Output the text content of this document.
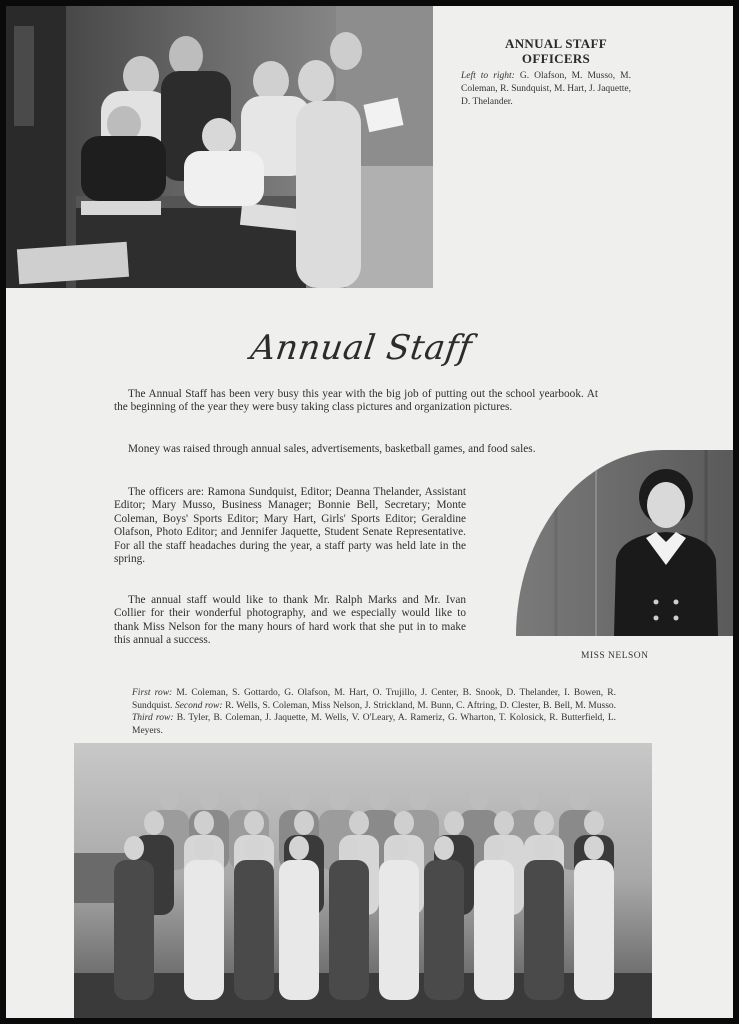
ANNUAL STAFF
OFFICERS
Left to right: G. Olafson, M. Musso, M. Coleman, R. Sundquist, M. Hart, J. Jaquette, D. Thelander.
Annual Staff
The Annual Staff has been very busy this year with the big job of putting out the school yearbook. At the beginning of the year they were busy taking class pictures and organization pictures.
Money was raised through annual sales, advertisements, basketball games, and food sales.
The officers are: Ramona Sundquist, Editor; Deanna Thelander, Assistant Editor; Mary Musso, Business Manager; Bonnie Bell, Secretary; Monte Coleman, Boys' Sports Editor; Mary Hart, Girls' Sports Editor; Geraldine Olafson, Photo Editor; and Jennifer Jaquette, Student Senate Representative. For all the staff headaches during the year, a staff party was held late in the spring.
The annual staff would like to thank Mr. Ralph Marks and Mr. Ivan Collier for their wonderful photography, and we especially would like to thank Miss Nelson for the many hours of hard work that she put in to make this annual a success.
MISS NELSON
First row: M. Coleman, S. Gottardo, G. Olafson, M. Hart, O. Trujillo, J. Center, B. Snook, D. Thelander, I. Bowen, R. Sundquist. Second row: R. Wells, S. Coleman, Miss Nelson, J. Strickland, M. Bunn, C. Aftring, D. Clester, B. Bell, M. Musso. Third row: B. Tyler, B. Coleman, J. Jaquette, M. Wells, V. O'Leary, A. Rameriz, G. Wharton, T. Kolosick, R. Butterfield, L. Meyers.
